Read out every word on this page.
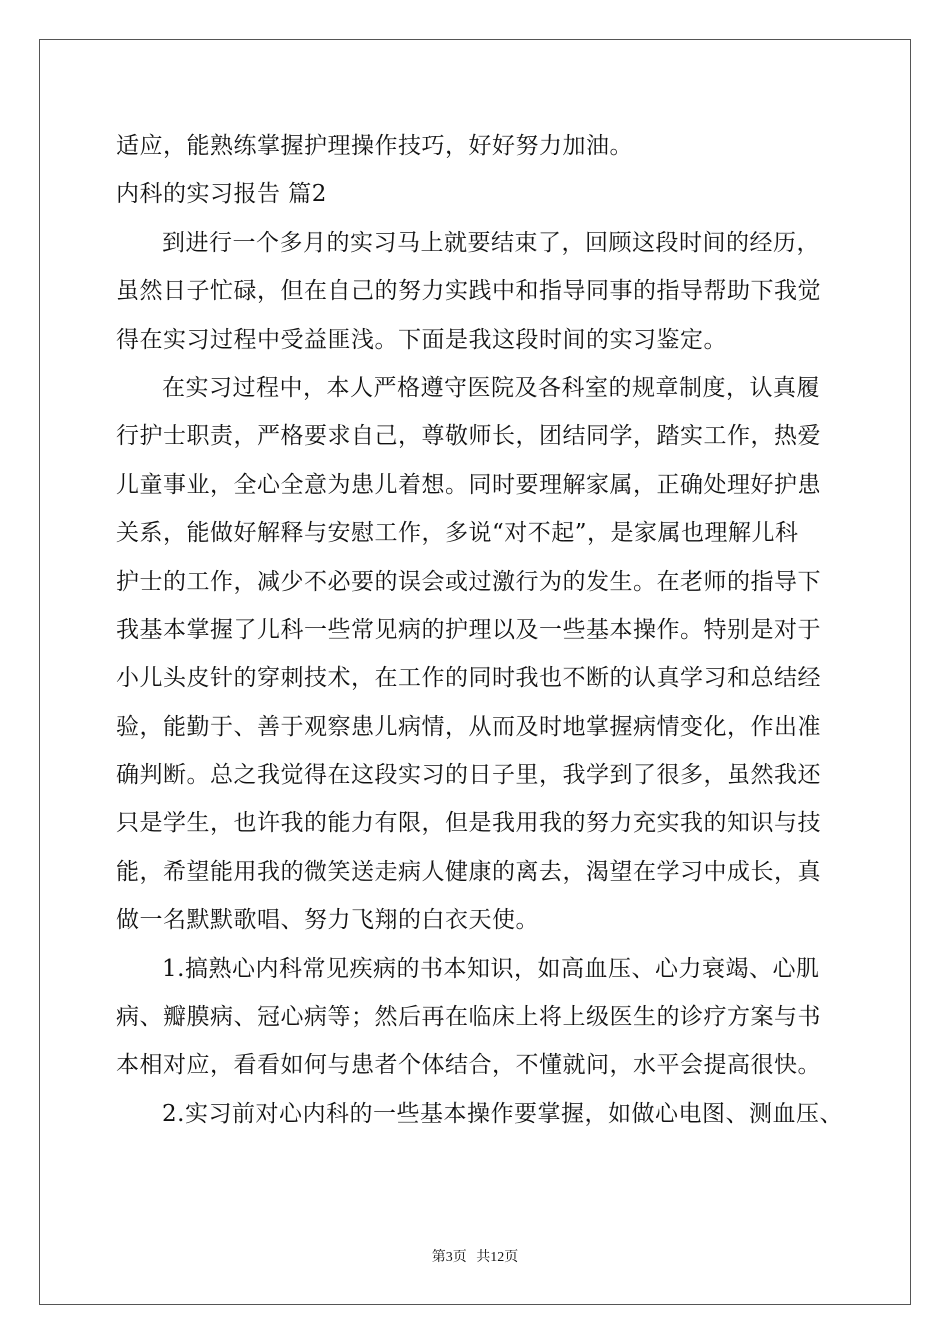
适应，能熟练掌握护理操作技巧，好好努力加油。
内科的实习报告 篇2
到进行一个多月的实习马上就要结束了，回顾这段时间的经历，
虽然日子忙碌，但在自己的努力实践中和指导同事的指导帮助下我觉
得在实习过程中受益匪浅。下面是我这段时间的实习鉴定。
在实习过程中，本人严格遵守医院及各科室的规章制度，认真履
行护士职责，严格要求自己，尊敬师长，团结同学，踏实工作，热爱
儿童事业，全心全意为患儿着想。同时要理解家属，正确处理好护患
关系，能做好解释与安慰工作，多说“对不起”，是家属也理解儿科
护士的工作，减少不必要的误会或过激行为的发生。在老师的指导下
我基本掌握了儿科一些常见病的护理以及一些基本操作。特别是对于
小儿头皮针的穿刺技术，在工作的同时我也不断的认真学习和总结经
验，能勤于、善于观察患儿病情，从而及时地掌握病情变化，作出准
确判断。总之我觉得在这段实习的日子里，我学到了很多，虽然我还
只是学生，也许我的能力有限，但是我用我的努力充实我的知识与技
能，希望能用我的微笑送走病人健康的离去，渴望在学习中成长，真
做一名默默歌唱、努力飞翔的白衣天使。
1.搞熟心内科常见疾病的书本知识，如高血压、心力衰竭、心肌
病、瓣膜病、冠心病等；然后再在临床上将上级医生的诊疗方案与书
本相对应，看看如何与患者个体结合，不懂就问，水平会提高很快。
2.实习前对心内科的一些基本操作要掌握，如做心电图、测血压、
第3页 共12页
